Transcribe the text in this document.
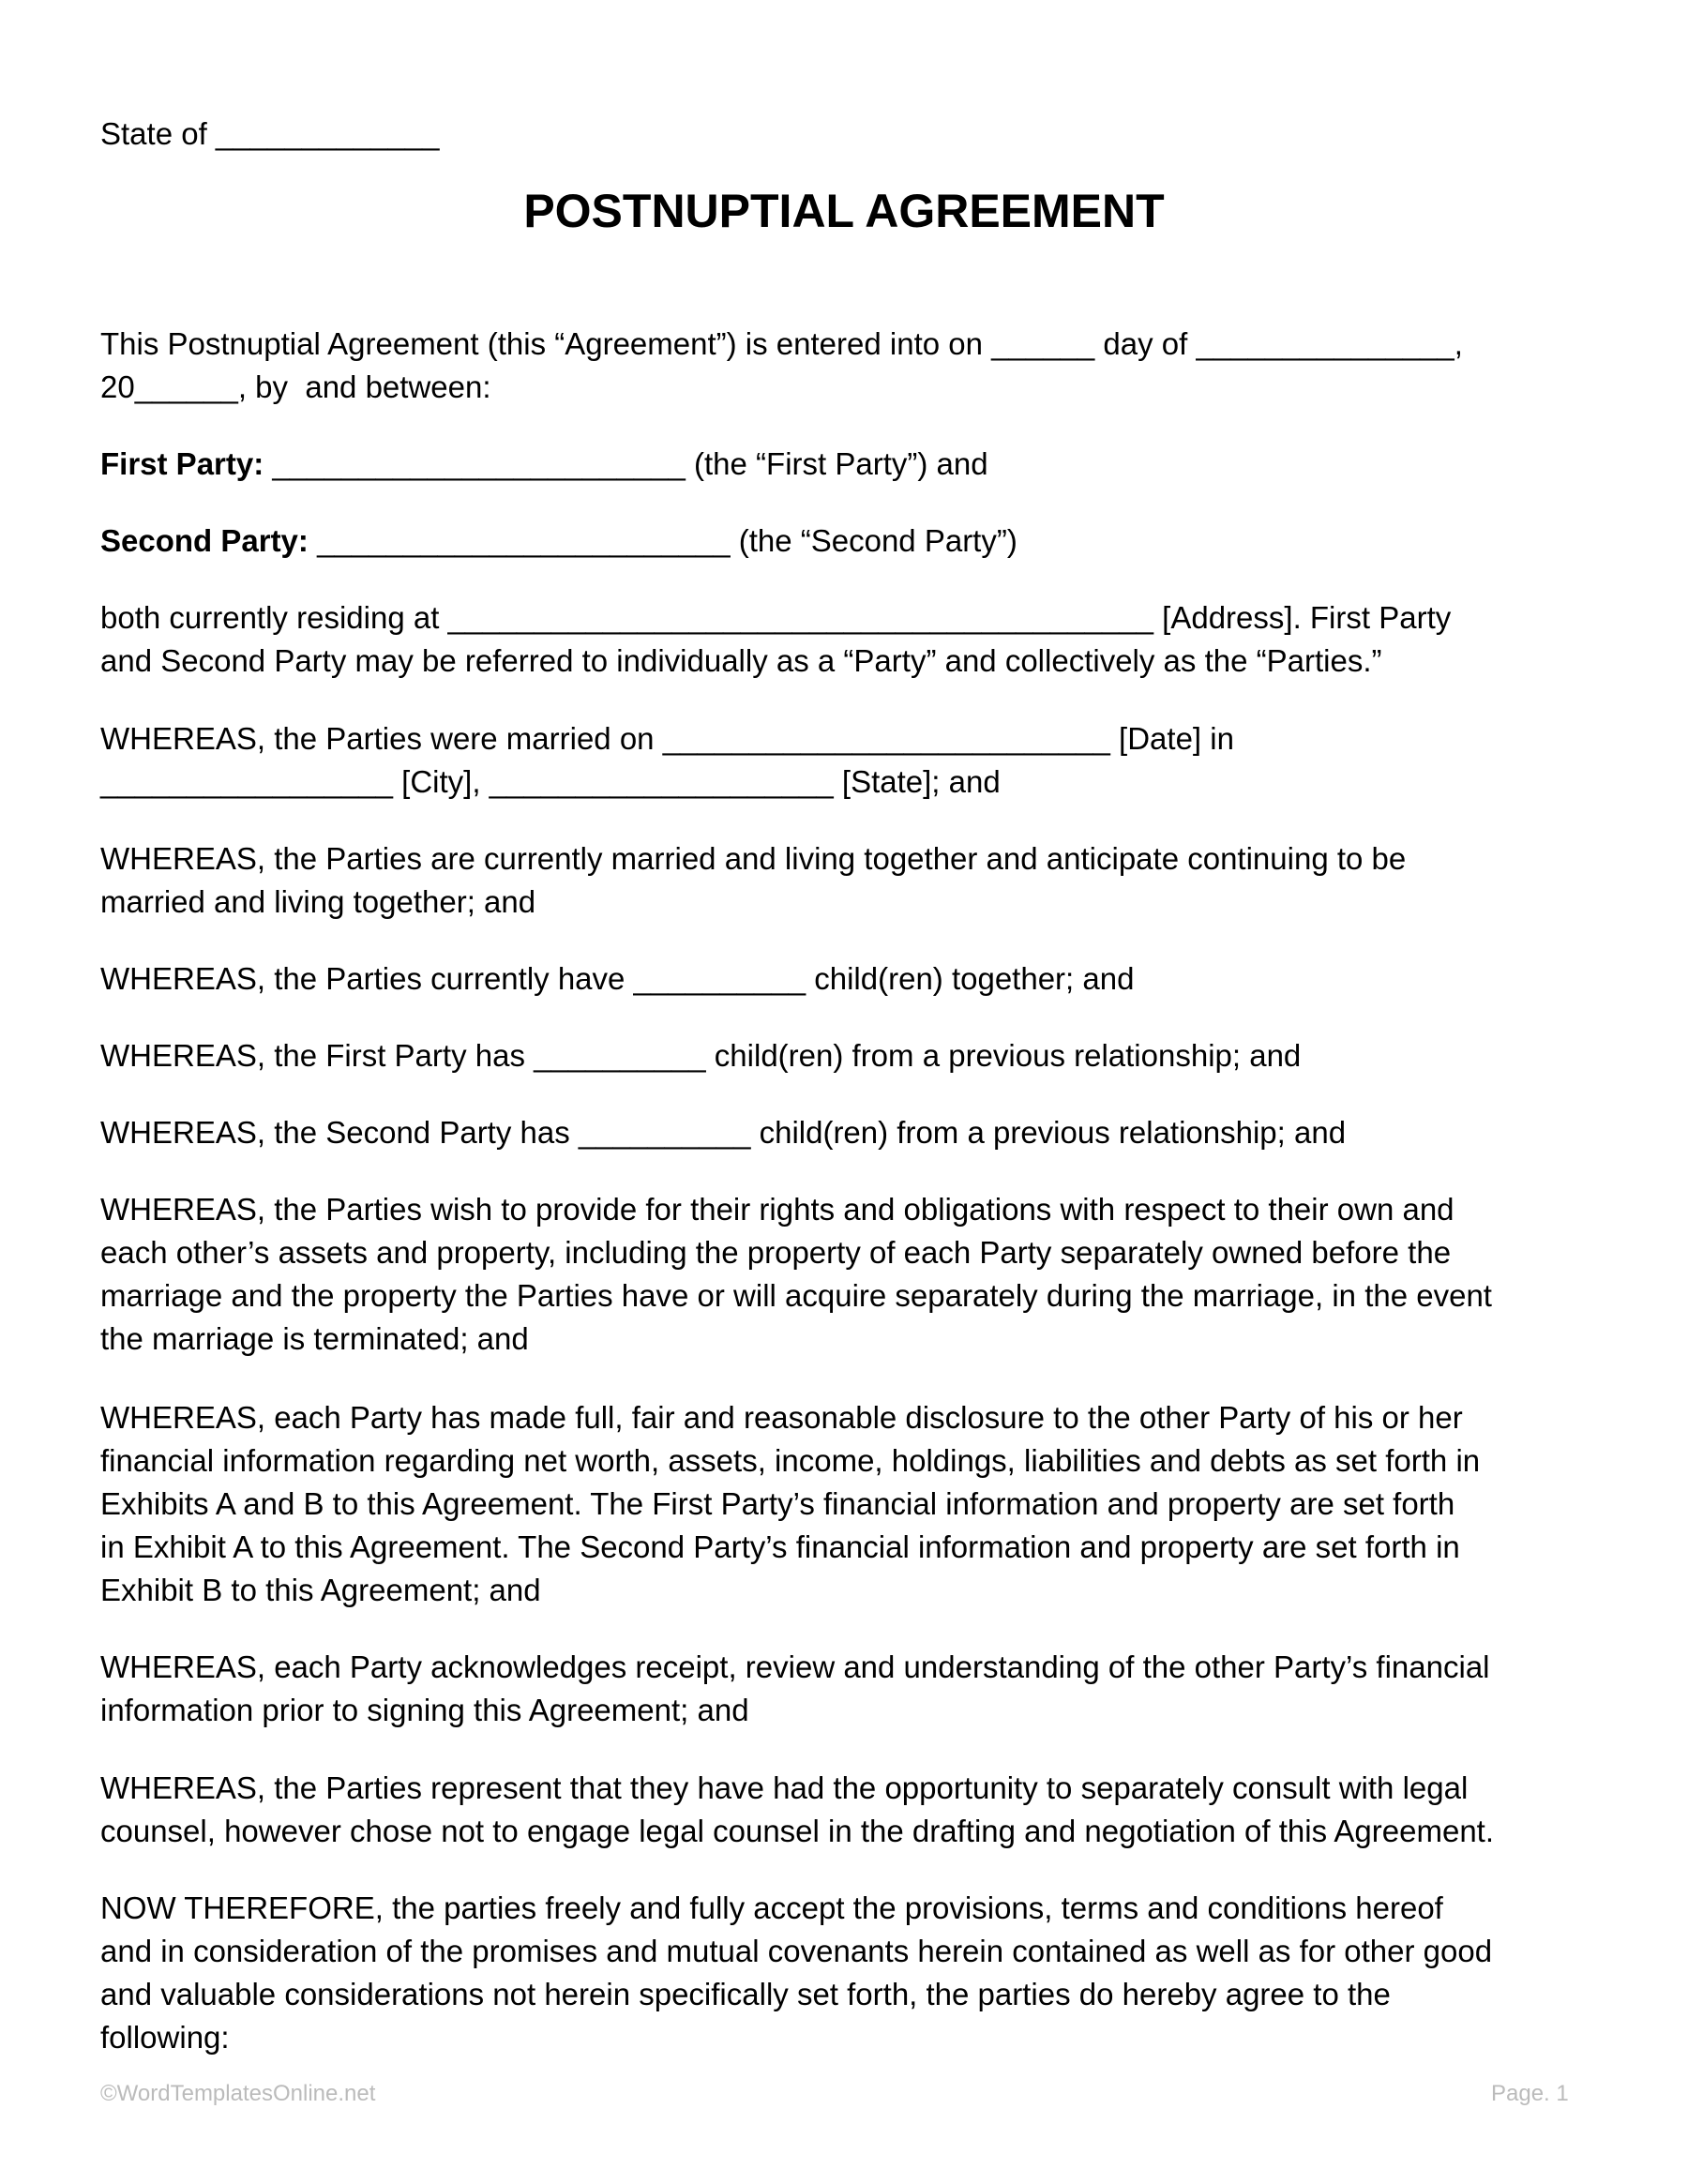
State of _____________

POSTNUPTIAL AGREEMENT

This Postnuptial Agreement (this “Agreement”) is entered into on ______ day of _______________,

20______, by  and between:

First Party: ________________________ (the “First Party”) and

Second Party: ________________________ (the “Second Party”)

both currently residing at _________________________________________ [Address]. First Party

and Second Party may be referred to individually as a “Party” and collectively as the “Parties.”

WHEREAS, the Parties were married on __________________________ [Date] in

_________________ [City], ____________________ [State]; and

WHEREAS, the Parties are currently married and living together and anticipate continuing to be

married and living together; and

WHEREAS, the Parties currently have __________ child(ren) together; and

WHEREAS, the First Party has __________ child(ren) from a previous relationship; and

WHEREAS, the Second Party has __________ child(ren) from a previous relationship; and

WHEREAS, the Parties wish to provide for their rights and obligations with respect to their own and

each other’s assets and property, including the property of each Party separately owned before the

marriage and the property the Parties have or will acquire separately during the marriage, in the event

the marriage is terminated; and

WHEREAS, each Party has made full, fair and reasonable disclosure to the other Party of his or her

financial information regarding net worth, assets, income, holdings, liabilities and debts as set forth in

Exhibits A and B to this Agreement. The First Party’s financial information and property are set forth

in Exhibit A to this Agreement. The Second Party’s financial information and property are set forth in

Exhibit B to this Agreement; and

WHEREAS, each Party acknowledges receipt, review and understanding of the other Party’s financial

information prior to signing this Agreement; and

WHEREAS, the Parties represent that they have had the opportunity to separately consult with legal

counsel, however chose not to engage legal counsel in the drafting and negotiation of this Agreement.

NOW THEREFORE, the parties freely and fully accept the provisions, terms and conditions hereof

and in consideration of the promises and mutual covenants herein contained as well as for other good

and valuable considerations not herein specifically set forth, the parties do hereby agree to the

following:

©WordTemplatesOnline.net	Page. 1
